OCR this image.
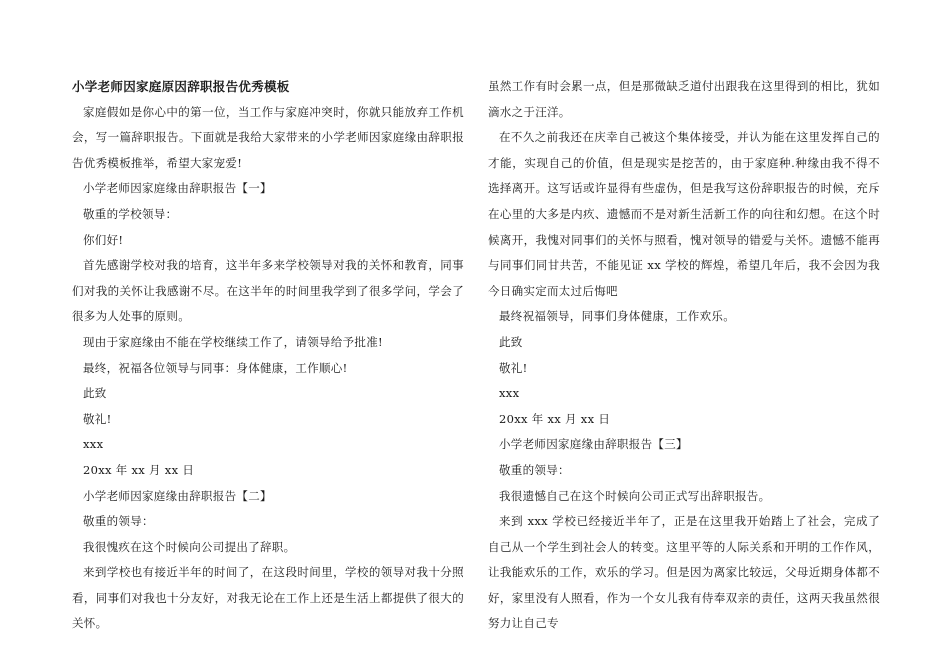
小学老师因家庭原因辞职报告优秀模板
家庭假如是你心中的第一位，当工作与家庭冲突时，你就只能放弃工作机会，写一篇辞职报告。下面就是我给大家带来的小学老师因家庭缘由辞职报告优秀模板推举，希望大家宠爱!
小学老师因家庭缘由辞职报告【一】
敬重的学校领导：
你们好!
首先感谢学校对我的培育，这半年多来学校领导对我的关怀和教育，同事们对我的关怀让我感谢不尽。在这半年的时间里我学到了很多学问，学会了很多为人处事的原则。
现由于家庭缘由不能在学校继续工作了，请领导给予批准!
最终，祝福各位领导与同事：身体健康，工作顺心!
此致
敬礼!
xxx
20xx 年 xx 月 xx 日
小学老师因家庭缘由辞职报告【二】
敬重的领导：
我很愧疚在这个时候向公司提出了辞职。
来到学校也有接近半年的时间了，在这段时间里，学校的领导对我十分照看，同事们对我也十分友好，对我无论在工作上还是生活上都提供了很大的关怀。
虽然工作有时会累一点，但是那微缺乏道付出跟我在这里得到的相比，犹如滴水之于汪洋。
在不久之前我还在庆幸自己被这个集体接受，并认为能在这里发挥自己的才能，实现自己的价值，但是现实是挖苦的，由于家庭种.种缘由我不得不选择离开。这写话或许显得有些虚伪，但是我写这份辞职报告的时候，充斥在心里的大多是内疚、遗憾而不是对新生活新工作的向往和幻想。在这个时候离开，我愧对同事们的关怀与照看，愧对领导的错爱与关怀。遗憾不能再与同事们同甘共苦，不能见证 xx 学校的辉煌，希望几年后，我不会因为我今日确实定而太过后悔吧
最终祝福领导，同事们身体健康，工作欢乐。
此致
敬礼!
xxx
20xx 年 xx 月 xx 日
小学老师因家庭缘由辞职报告【三】
敬重的领导：
我很遗憾自己在这个时候向公司正式写出辞职报告。
来到 xxx 学校已经接近半年了，正是在这里我开始踏上了社会，完成了自己从一个学生到社会人的转变。这里平等的人际关系和开明的工作作风，让我能欢乐的工作，欢乐的学习。但是因为离家比较远，父母近期身体都不好，家里没有人照看，作为一个女儿我有侍奉双亲的责任，这两天我虽然很努力让自己专
